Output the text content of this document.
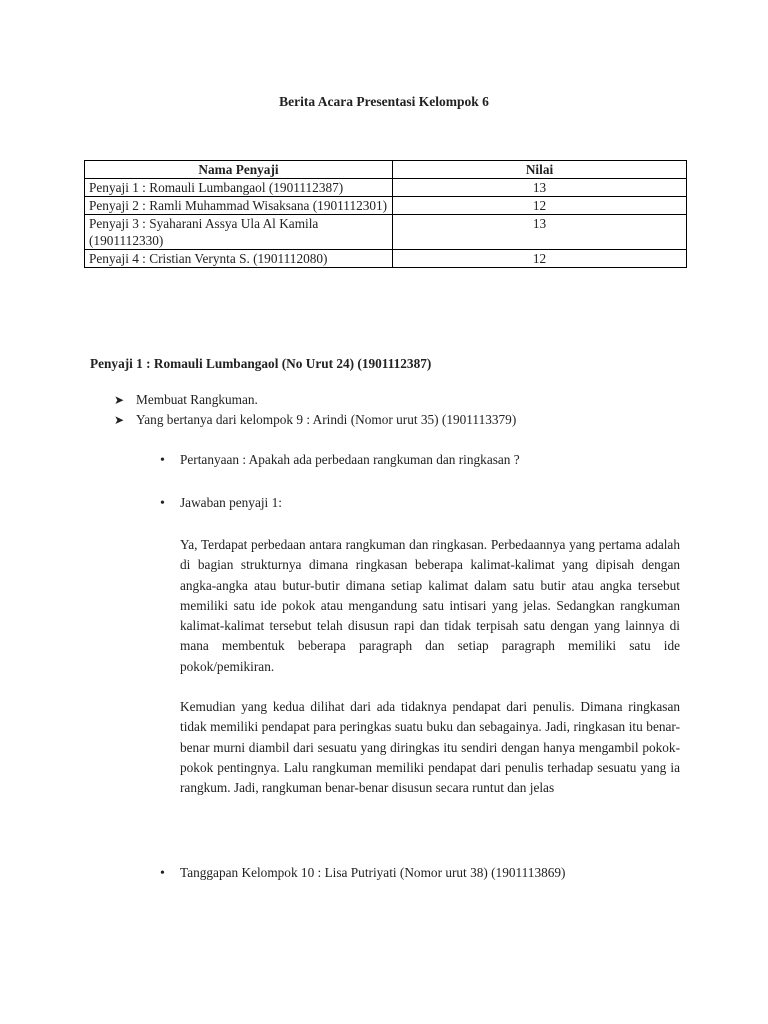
Berita Acara Presentasi Kelompok 6
Nama Penyaji	Nilai
Penyaji 1 : Romauli Lumbangaol (1901112387)	13
Penyaji 2 : Ramli Muhammad Wisaksana (1901112301)	12
Penyaji 3 : Syaharani Assya Ula Al Kamila (1901112330)	13
Penyaji 4 : Cristian Verynta S. (1901112080)	12
Penyaji 1 : Romauli Lumbangaol (No Urut 24) (1901112387)
➤ Membuat Rangkuman.
➤ Yang bertanya dari kelompok 9 : Arindi (Nomor urut 35) (1901113379)
•	Pertanyaan : Apakah ada perbedaan rangkuman dan ringkasan ?
•	Jawaban penyaji 1:
Ya, Terdapat perbedaan antara rangkuman dan ringkasan. Perbedaannya yang pertama adalah di bagian strukturnya dimana ringkasan beberapa kalimat-kalimat yang dipisah dengan angka-angka atau butur-butir dimana setiap kalimat dalam satu butir atau angka tersebut memiliki satu ide pokok atau mengandung satu intisari yang jelas. Sedangkan rangkuman kalimat-kalimat tersebut telah disusun rapi dan tidak terpisah satu dengan yang lainnya di mana membentuk beberapa paragraph dan setiap paragraph memiliki satu ide pokok/pemikiran.
Kemudian yang kedua dilihat dari ada tidaknya pendapat dari penulis. Dimana ringkasan tidak memiliki pendapat para peringkas suatu buku dan sebagainya. Jadi, ringkasan itu benar-benar murni diambil dari sesuatu yang diringkas itu sendiri dengan hanya mengambil pokok-pokok pentingnya. Lalu rangkuman memiliki pendapat dari penulis terhadap sesuatu yang ia rangkum. Jadi, rangkuman benar-benar disusun secara runtut dan jelas
•	Tanggapan Kelompok 10 : Lisa Putriyati (Nomor urut 38) (1901113869)
